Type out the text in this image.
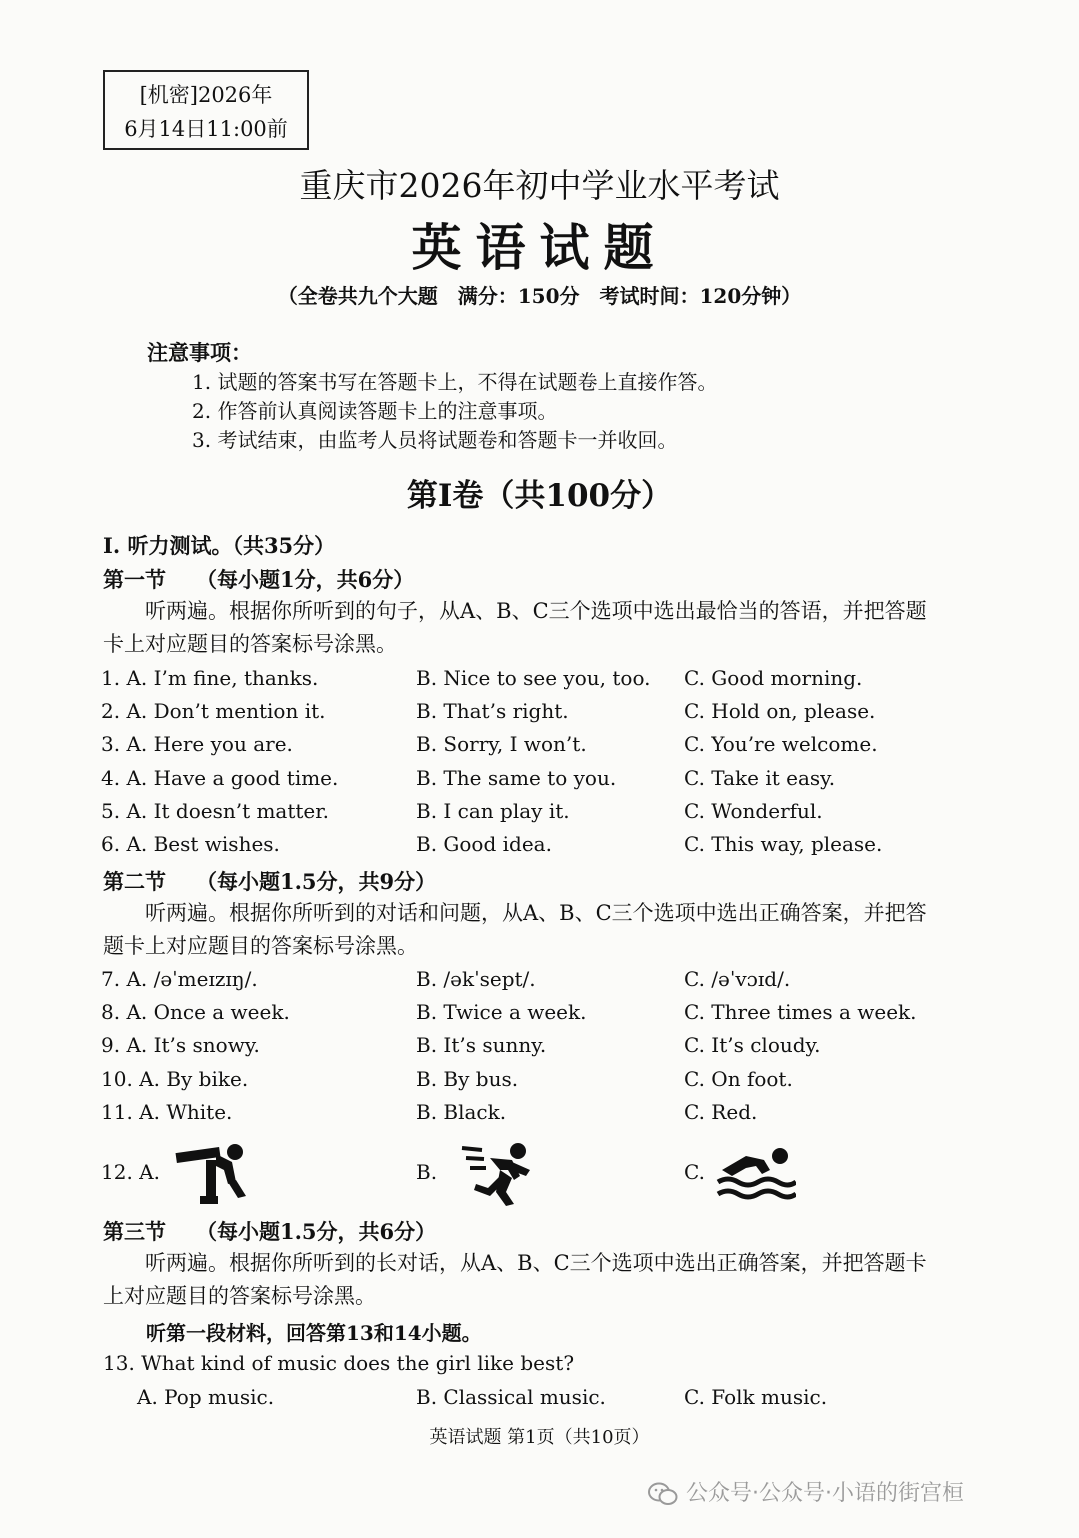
[机密]2026年
6月14日11:00前
重庆市2026年初中学业水平考试
英语试题
（全卷共九个大题　满分：150分　考试时间：120分钟）
注意事项：
1. 试题的答案书写在答题卡上，不得在试题卷上直接作答。
2. 作答前认真阅读答题卡上的注意事项。
3. 考试结束，由监考人员将试题卷和答题卡一并收回。
第I卷（共100分）
I. 听力测试。（共35分）
第一节 （每小题1分，共6分）
听两遍。根据你所听到的句子，从A、B、C三个选项中选出最恰当的答语，并把答题
卡上对应题目的答案标号涂黑。
1. A. I’m fine, thanks.	B. Nice to see you, too. C. Good morning.
2. A. Don’t mention it.	B. That’s right.	C. Hold on, please.
3. A. Here you are.	B. Sorry, I won’t.	C. You’re welcome.
4. A. Have a good time.	B. The same to you.	C. Take it easy.
5. A. It doesn’t matter.	B. I can play it.	C. Wonderful.
6. A. Best wishes.	B. Good idea.	C. This way, please.
第二节 （每小题1.5分，共9分）
听两遍。根据你所听到的对话和问题，从A、B、C三个选项中选出正确答案，并把答
题卡上对应题目的答案标号涂黑。
7. A. /əˈmeɪzɪŋ/.	B. /əkˈsept/.	C. /əˈvɔɪd/.
8. A. Once a week.	B. Twice a week.	C. Three times a week.
9. A. It’s snowy.	B. It’s sunny.	C. It’s cloudy.
10. A. By bike.	B. By bus.	C. On foot.
11. A. White.	B. Black.	C. Red.
12. A.	B.	C.
第三节 （每小题1.5分，共6分）
听两遍。根据你所听到的长对话，从A、B、C三个选项中选出正确答案，并把答题卡
上对应题目的答案标号涂黑。
听第一段材料，回答第13和14小题。
13. What kind of music does the girl like best?
A. Pop music.	B. Classical music.	C. Folk music.
英语试题 第1页（共10页）
公众号·公众号·小语的街宫桓
